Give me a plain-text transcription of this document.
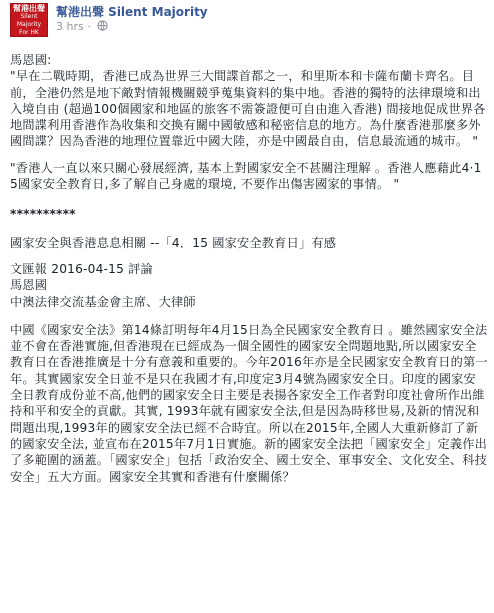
幫港出聲
Silent Majority
For HK
幫港出聲 Silent Majority
3 hrs ·

馬恩國:

"早在二戰時期，香港已成為世界三大間諜首都之一，和里斯本和卡薩布蘭卡齊名。目前，全港仍然是地下敵對情報機關競爭蒐集資料的集中地。香港的獨特的法律環境和出入境自由 (超過100個國家和地區的旅客不需簽證便可自由進入香港) 間接地促成世界各地間諜利用香港作為收集和交換有關中國敏感和秘密信息的地方。為什麼香港那麼多外國間諜？因為香港的地理位置靠近中國大陸，亦是中國最自由，信息最流通的城市。 "

"香港人一直以來只關心發展經濟, 基本上對國家安全不甚關注理解 。香港人應藉此4·15國家安全教育日,多了解自己身處的環境, 不要作出傷害國家的事情。 "

**********

國家安全與香港息息相關 --「4．15 國家安全教育日」有感

文匯報 2016-04-15 評論

馬恩國

中澳法律交流基金會主席、大律師

中國《國家安全法》第14條訂明每年4月15日為全民國家安全教育日 。雖然國家安全法並不會在香港實施,但香港現在已經成為一個全國性的國家安全問題地點,所以國家安全教育日在香港推廣是十分有意義和重要的。今年2016年亦是全民國家安全教育日的第一年。其實國家安全日並不是只在我國才有,印度定3月4號為國家安全日。印度的國家安全日教育成份並不高,他們的國家安全日主要是表揚各家安全工作者對印度社會所作出維持和平和安全的貢獻。其實, 1993年就有國家安全法,但是因為時移世易,及新的情況和問題出現,1993年的國家安全法已經不合時宜。所以在2015年,全國人大重新修訂了新的國家安全法, 並宣布在2015年7月1日實施。新的國家安全法把「國家安全」定義作出了多範圍的涵蓋。「國家安全」包括「政治安全、國土安全、軍事安全、文化安全、科技安全」五大方面。國家安全其實和香港有什麼關係？
